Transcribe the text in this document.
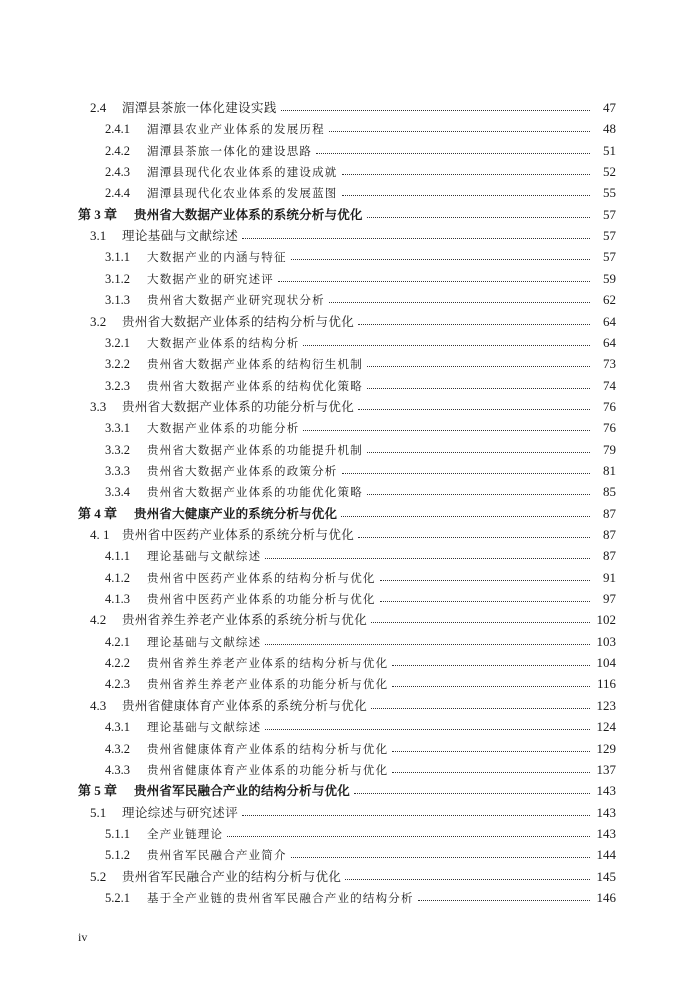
2.4	湄潭县茶旅一体化建设实践	47
2.4.1	湄潭县农业产业体系的发展历程	48
2.4.2	湄潭县茶旅一体化的建设思路	51
2.4.3	湄潭县现代化农业体系的建设成就	52
2.4.4	湄潭县现代化农业体系的发展蓝图	55
第 3 章	贵州省大数据产业体系的系统分析与优化	57
3.1	理论基础与文献综述	57
3.1.1	大数据产业的内涵与特征	57
3.1.2	大数据产业的研究述评	59
3.1.3	贵州省大数据产业研究现状分析	62
3.2	贵州省大数据产业体系的结构分析与优化	64
3.2.1	大数据产业体系的结构分析	64
3.2.2	贵州省大数据产业体系的结构衍生机制	73
3.2.3	贵州省大数据产业体系的结构优化策略	74
3.3	贵州省大数据产业体系的功能分析与优化	76
3.3.1	大数据产业体系的功能分析	76
3.3.2	贵州省大数据产业体系的功能提升机制	79
3.3.3	贵州省大数据产业体系的政策分析	81
3.3.4	贵州省大数据产业体系的功能优化策略	85
第 4 章	贵州省大健康产业的系统分析与优化	87
4. 1	贵州省中医药产业体系的系统分析与优化	87
4.1.1	理论基础与文献综述	87
4.1.2	贵州省中医药产业体系的结构分析与优化	91
4.1.3	贵州省中医药产业体系的功能分析与优化	97
4.2	贵州省养生养老产业体系的系统分析与优化	102
4.2.1	理论基础与文献综述	103
4.2.2	贵州省养生养老产业体系的结构分析与优化	104
4.2.3	贵州省养生养老产业体系的功能分析与优化	116
4.3	贵州省健康体育产业体系的系统分析与优化	123
4.3.1	理论基础与文献综述	124
4.3.2	贵州省健康体育产业体系的结构分析与优化	129
4.3.3	贵州省健康体育产业体系的功能分析与优化	137
第 5 章	贵州省军民融合产业的结构分析与优化	143
5.1	理论综述与研究述评	143
5.1.1	全产业链理论	143
5.1.2	贵州省军民融合产业简介	144
5.2	贵州省军民融合产业的结构分析与优化	145
5.2.1	基于全产业链的贵州省军民融合产业的结构分析	146
iv
